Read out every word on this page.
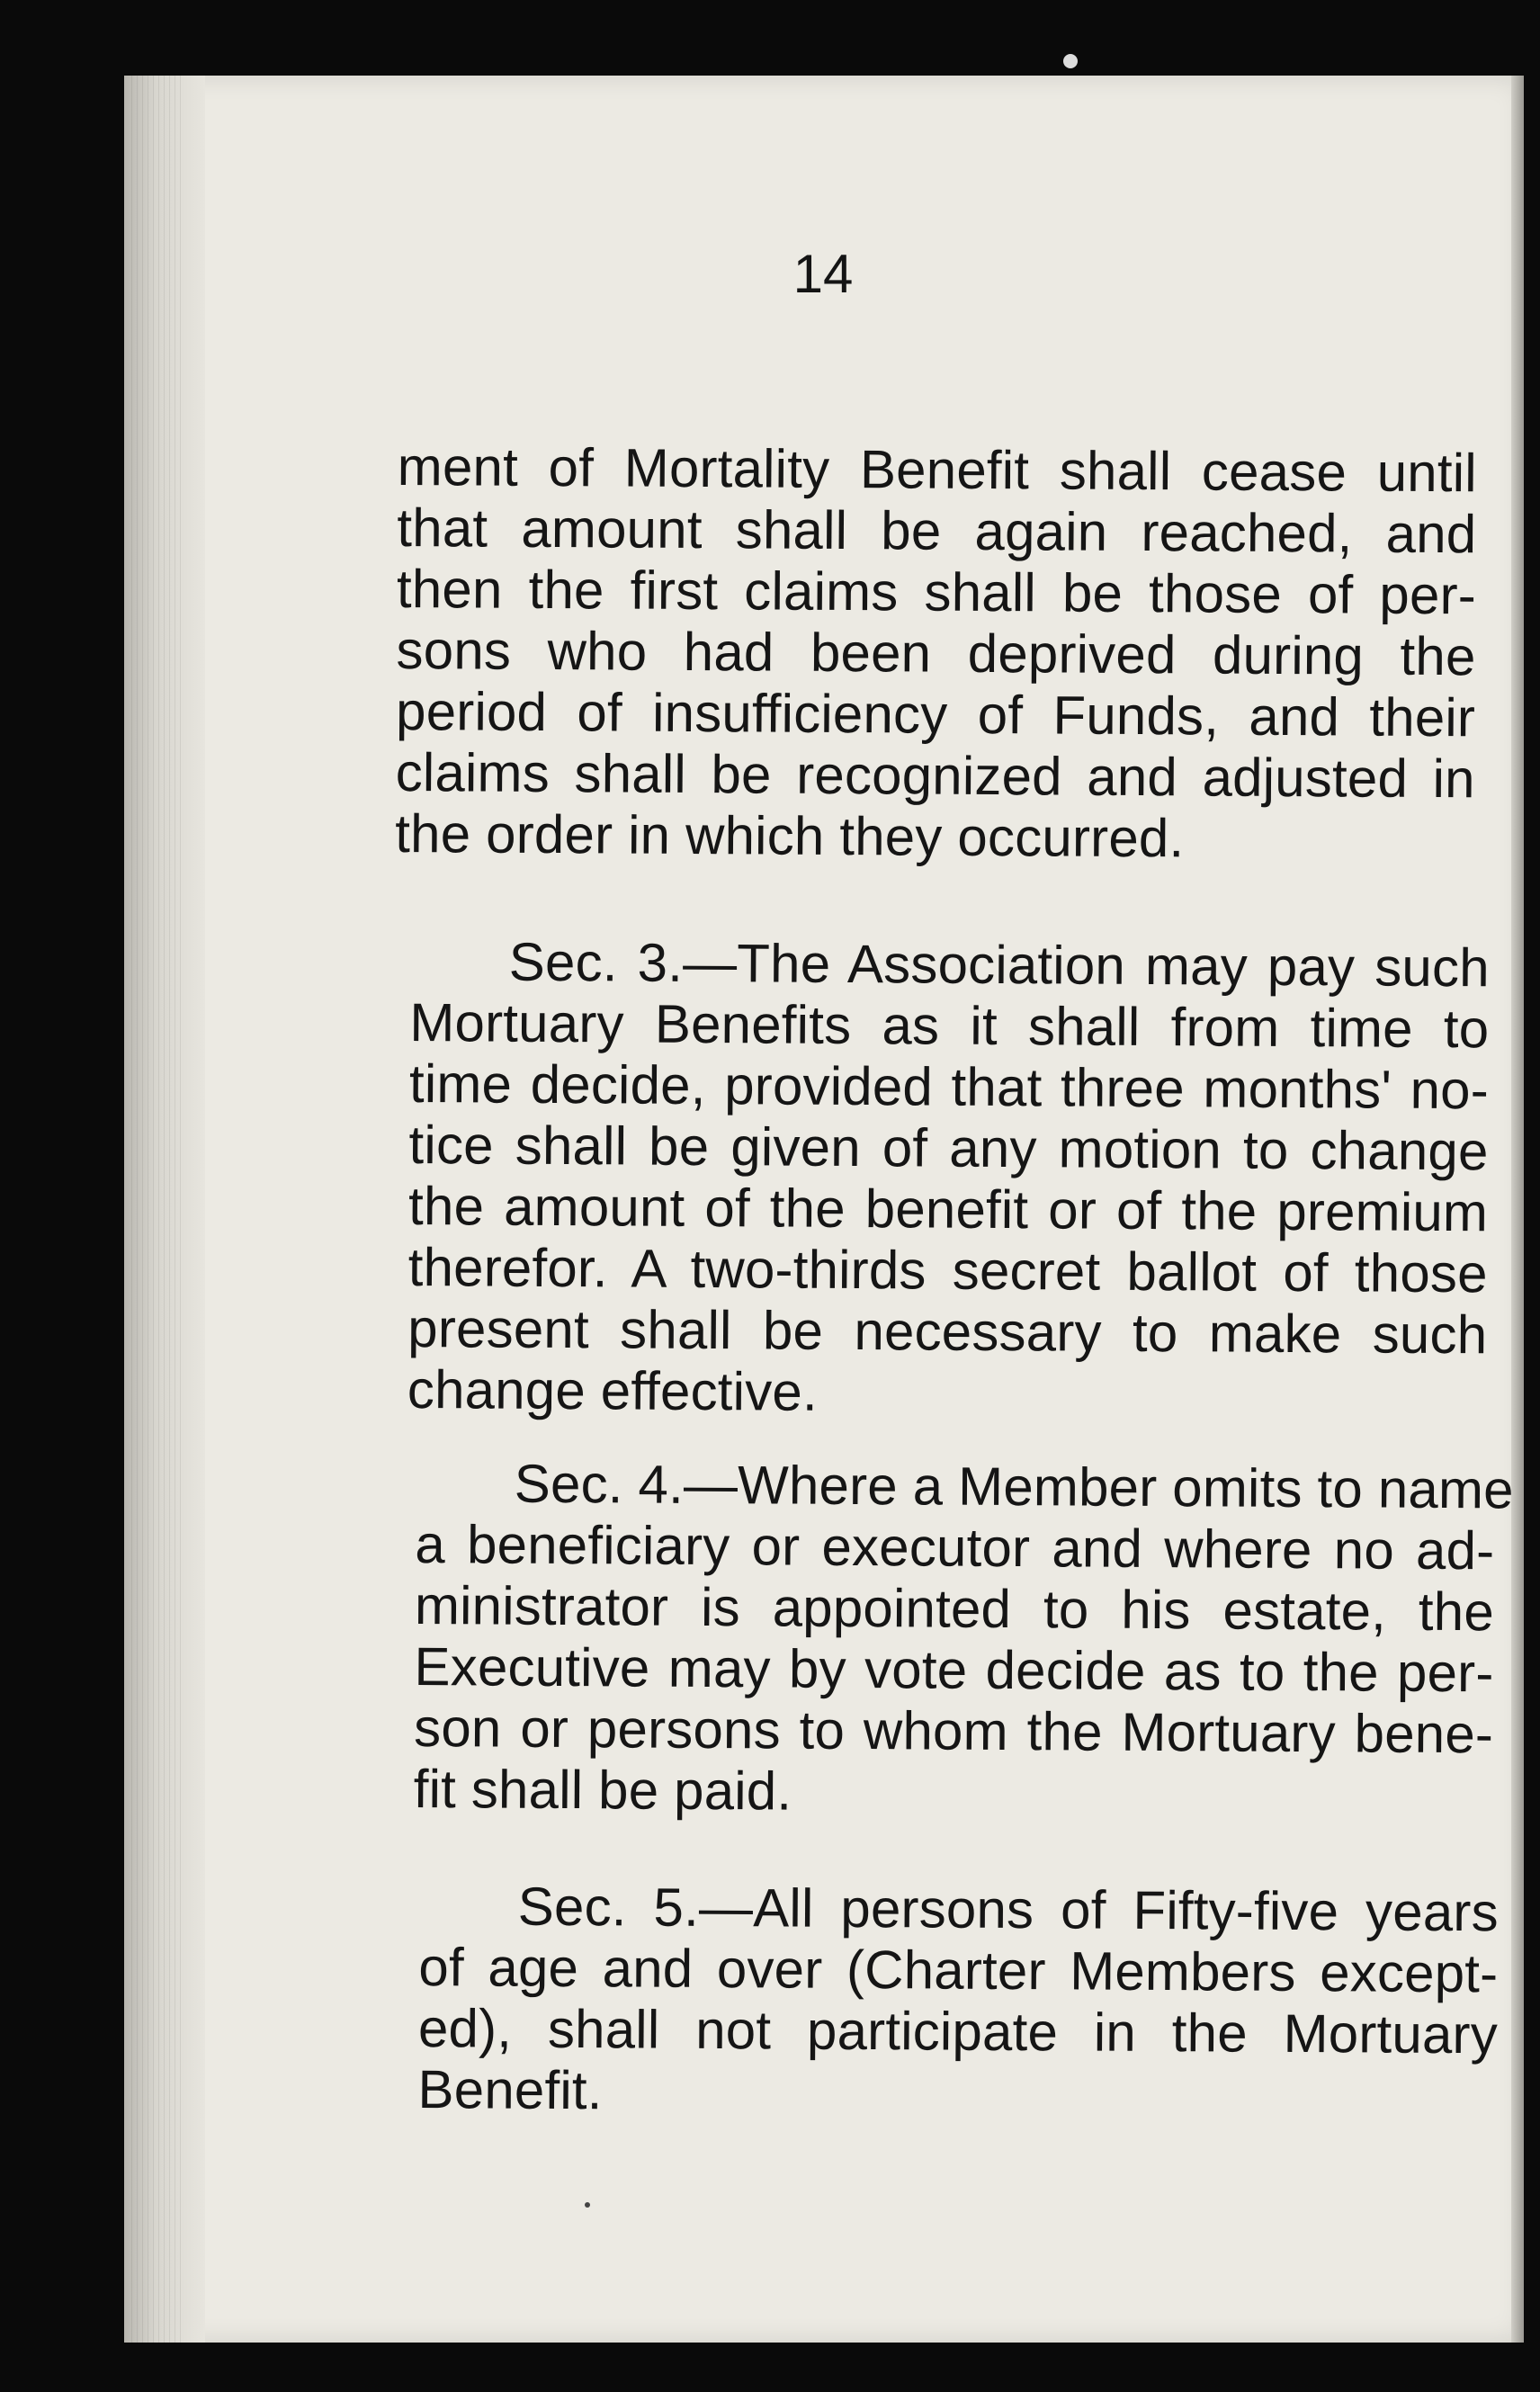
14
ment of Mortality Benefit shall cease until
that amount shall be again reached, and
then the first claims shall be those of per-
sons who had been deprived during the
period of insufficiency of Funds, and their
claims shall be recognized and adjusted in
the order in which they occurred.
Sec. 3.—The Association may pay such
Mortuary Benefits as it shall from time to
time decide, provided that three months' no-
tice shall be given of any motion to change
the amount of the benefit or of the premium
therefor. A two-thirds secret ballot of those
present shall be necessary to make such
change effective.
Sec. 4.—Where a Member omits to name
a beneficiary or executor and where no ad-
ministrator is appointed to his estate, the
Executive may by vote decide as to the per-
son or persons to whom the Mortuary bene-
fit shall be paid.
Sec. 5.—All persons of Fifty-five years
of age and over (Charter Members except-
ed), shall not participate in the Mortuary
Benefit.
